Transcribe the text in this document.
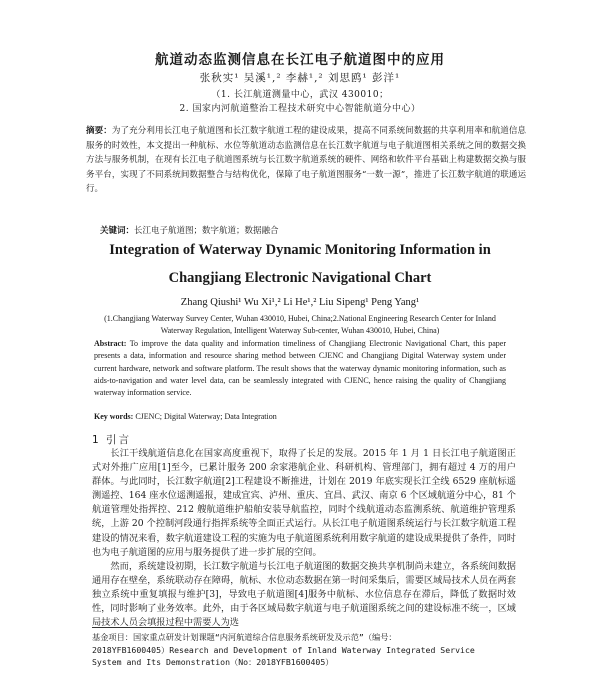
航道动态监测信息在长江电子航道图中的应用
张秋实¹ 吴溪¹,² 李赫¹,² 刘思鸥¹ 彭洋¹
（1. 长江航道测量中心，武汉 430010；
2. 国家内河航道整治工程技术研究中心智能航道分中心）
摘要：为了充分利用长江电子航道图和长江数字航道工程的建设成果，提高不同系统间数据的共享利用率和航道信息服务的时效性，本文提出一种航标、水位等航道动态监测信息在长江数字航道与电子航道图相关系统之间的数据交换方法与服务机制，在现有长江电子航道图系统与长江数字航道系统的硬件、网络和软件平台基础上构建数据交换与服务平台，实现了不同系统间数据整合与结构优化，保障了电子航道图服务“一数一源”，推进了长江数字航道的联通运行。
关键词：长江电子航道图；数字航道；数据融合
Integration of Waterway Dynamic Monitoring Information in
Changjiang Electronic Navigational Chart
Zhang Qiushi¹ Wu Xi¹,² Li He¹,² Liu Sipeng¹ Peng Yang¹
(1.Changjiang Waterway Survey Center, Wuhan 430010, Hubei, China;2.National Engineering Research Center for Inland Waterway Regulation, Intelligent Waterway Sub-center, Wuhan 430010, Hubei, China)
Abstract: To improve the data quality and information timeliness of Changjiang Electronic Navigational Chart, this paper presents a data, information and resource sharing method between CJENC and Changjiang Digital Waterway system under current hardware, network and software platform. The result shows that the waterway dynamic monitoring information, such as aids-to-navigation and water level data, can be seamlessly integrated with CJENC, hence raising the quality of Changjiang waterway information service.
Key words: CJENC; Digital Waterway; Data Integration
1 引言

长江干线航道信息化在国家高度重视下，取得了长足的发展。2015 年 1 月 1 日长江电子航道图正式对外推广应用[1]至今，已累计服务 200 余家港航企业、科研机构、管理部门，拥有超过 4 万的用户群体。与此同时，长江数字航道[2]工程建设不断推进，计划在 2019 年底实现长江全线 6529 座航标遥测遥控、164 座水位遥测遥报，建成宜宾、泸州、重庆、宜昌、武汉、南京 6 个区域航道分中心，81 个航道管理处指挥控、212 艘航道维护船舶安装导航监控，同时个线航道动态监测系统、航道维护管理系统，上游 20 个控制河段通行指挥系统等全面正式运行。从长江电子航道图系统运行与长江数字航道工程建设的情况来看，数字航道建设工程的实施为电子航道图系统利用数字航道的建设成果提供了条件，同时也为电子航道图的应用与服务提供了进一步扩展的空间。

然而，系统建设初期，长江数字航道与长江电子航道图的数据交换共享机制尚未建立，各系统间数据通用存在壁垒，系统联动存在障碍，航标、水位动态数据在第一时间采集后，需要区域局技术人员在两套独立系统中重复填报与维护[3]，导致电子航道图[4]服务中航标、水位信息存在滞后，降低了数据时效性，同时影响了业务效率。此外，由于各区域局数字航道与电子航道图系统之间的建设标准不统一，区域局技术人员会填报过程中需要人为选

基金项目：国家重点研发计划课题“内河航道综合信息服务系统研发及示范”（编号：

2018YFB1600405）Research and Development of Inland Waterway Integrated Service

System and Its Demonstration（No：2018YFB1600405）
